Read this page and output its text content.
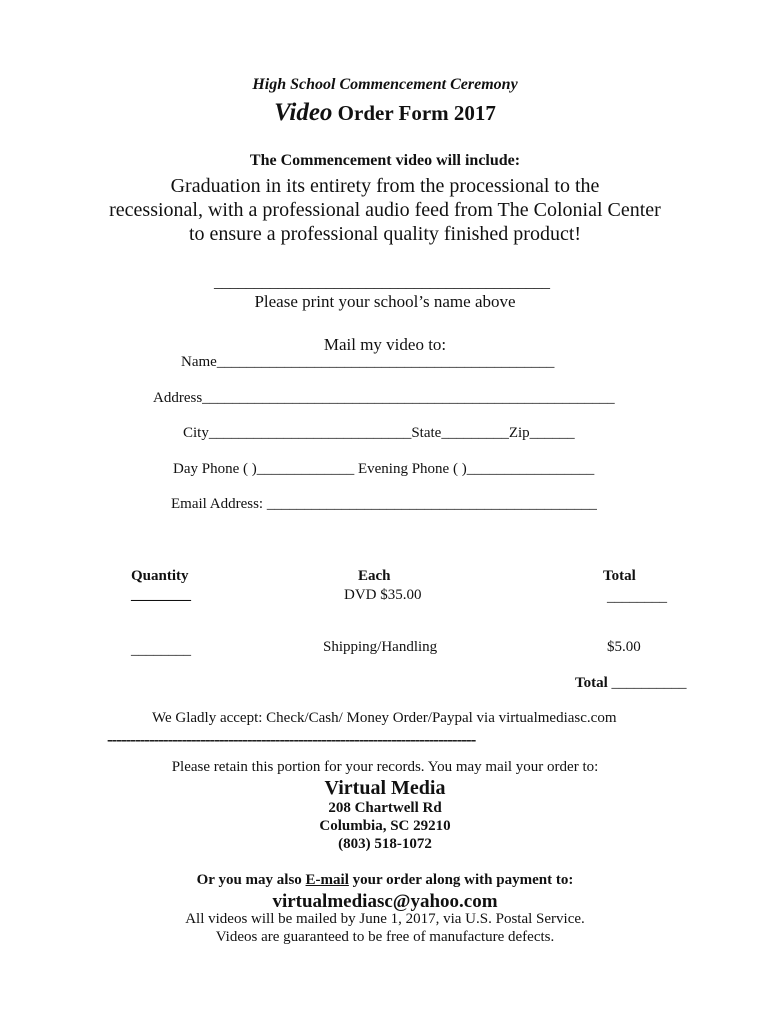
High School Commencement Ceremony
Video Order Form 2017
The Commencement video will include:
Graduation in its entirety from the processional to the
recessional, with a professional audio feed from The Colonial Center
to ensure a professional quality finished product!
__________________________________________
Please print your school’s name above
Mail my video to:
Name_____________________________________________
Address_______________________________________________________
City___________________________State_________Zip______
Day Phone ( )_____________ Evening Phone ( )_________________
Email Address: ____________________________________________
Quantity	Each	Total
________	DVD $35.00	________
________	Shipping/Handling	$5.00
Total __________
We Gladly accept: Check/Cash/ Money Order/Paypal via virtualmediasc.com
-------------------------------------------------------------------------------
Please retain this portion for your records. You may mail your order to:
Virtual Media
208 Chartwell Rd
Columbia, SC 29210
(803) 518-1072
Or you may also E-mail your order along with payment to:
virtualmediasc@yahoo.com
All videos will be mailed by June 1, 2017, via U.S. Postal Service.
Videos are guaranteed to be free of manufacture defects.
